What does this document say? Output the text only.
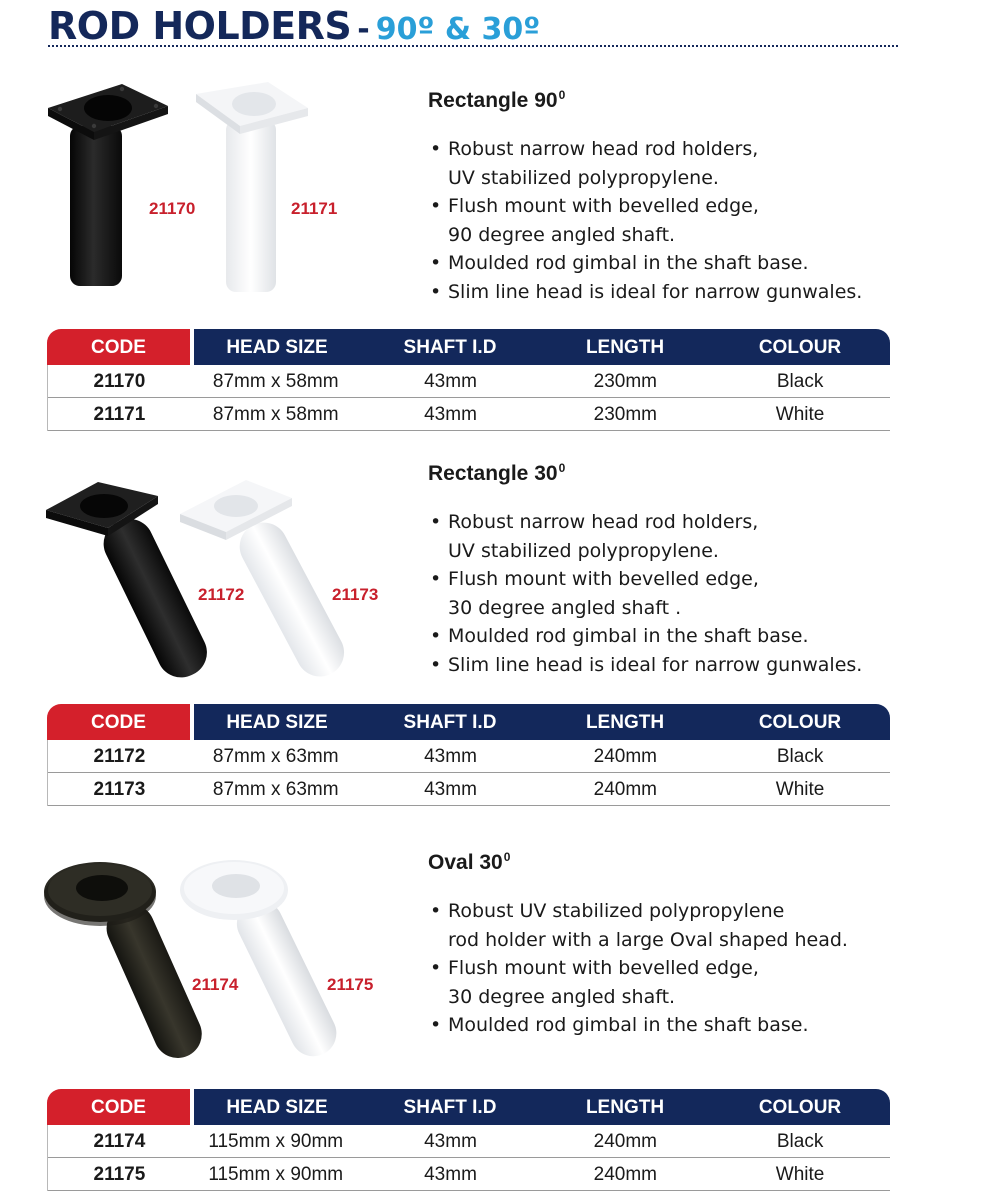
ROD HOLDERS - 90º & 30º
21170	21171
Rectangle $90^0$
• Robust narrow head rod holders,
UV stabilized polypropylene.
• Flush mount with bevelled edge,
90 degree angled shaft.
• Moulded rod gimbal in the shaft base.
• Slim line head is ideal for narrow gunwales.
CODE	HEAD SIZE	SHAFT I.D	LENGTH	COLOUR
21170	87mm x 58mm	43mm	230mm	Black
21171	87mm x 58mm	43mm	230mm	White
21172	21173
Rectangle $30^0$
• Robust narrow head rod holders,
UV stabilized polypropylene.
• Flush mount with bevelled edge,
30 degree angled shaft .
• Moulded rod gimbal in the shaft base.
• Slim line head is ideal for narrow gunwales.
CODE	HEAD SIZE	SHAFT I.D	LENGTH	COLOUR
21172	87mm x 63mm	43mm	240mm	Black
21173	87mm x 63mm	43mm	240mm	White
21174	21175
Oval $30^0$
• Robust UV stabilized polypropylene
rod holder with a large Oval shaped head.
• Flush mount with bevelled edge,
30 degree angled shaft.
• Moulded rod gimbal in the shaft base.
CODE	HEAD SIZE	SHAFT I.D	LENGTH	COLOUR
21174	115mm x 90mm	43mm	240mm	Black
21175	115mm x 90mm	43mm	240mm	White
